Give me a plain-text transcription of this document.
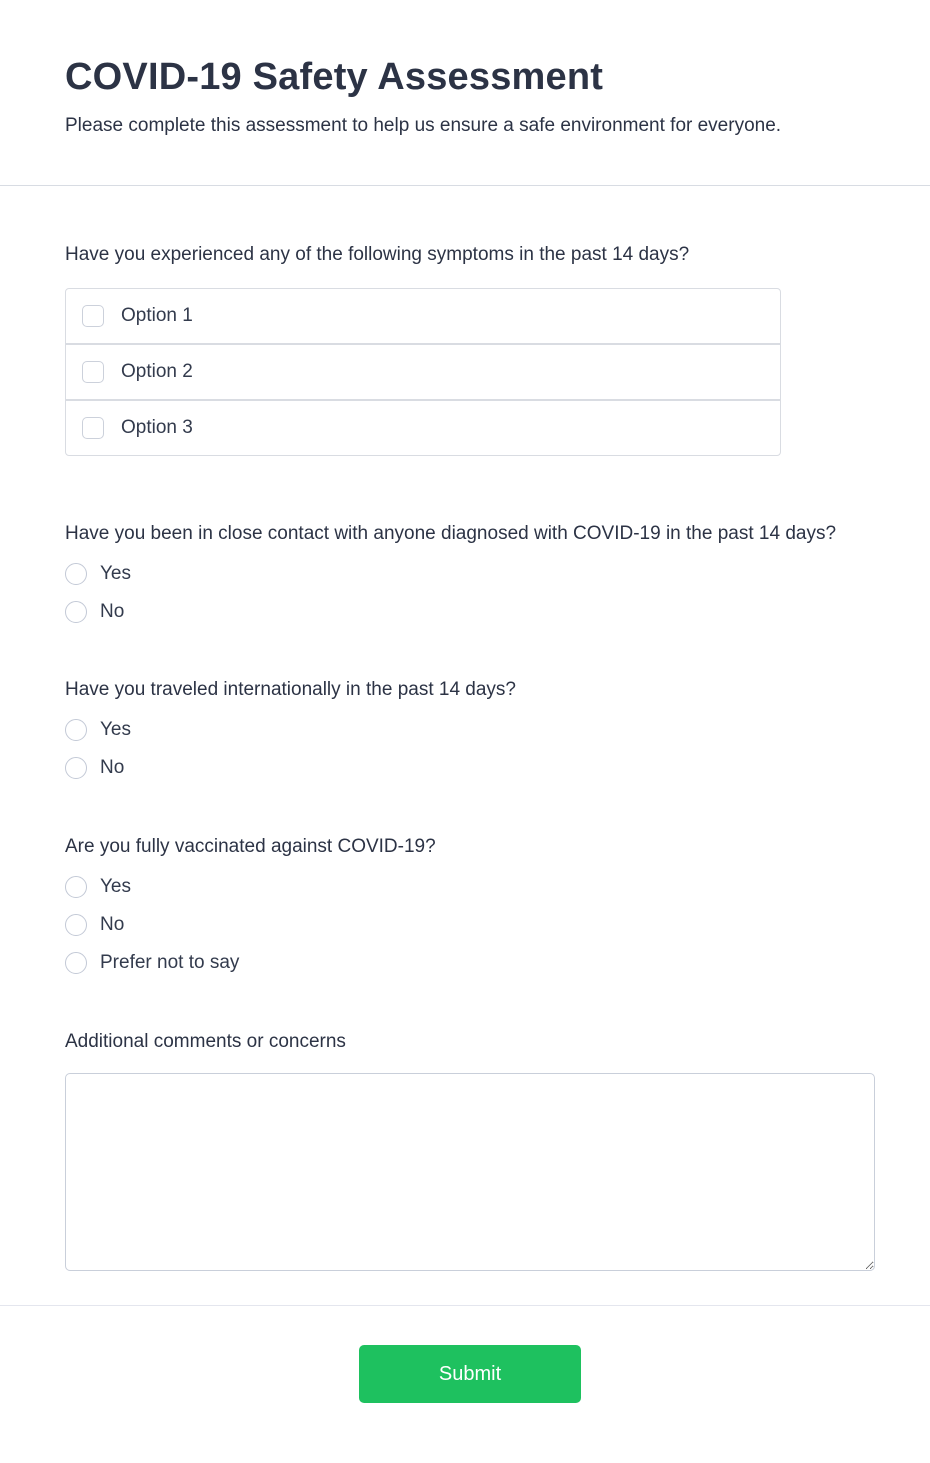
COVID-19 Safety Assessment

Please complete this assessment to help us ensure a safe environment for everyone.

Have you experienced any of the following symptoms in the past 14 days?
Option 1
Option 2
Option 3
Have you been in close contact with anyone diagnosed with COVID-19 in the past 14 days?
Yes
No
Have you traveled internationally in the past 14 days?
Yes
No
Are you fully vaccinated against COVID-19?
Yes
No
Prefer not to say
Additional comments or concerns
Submit
